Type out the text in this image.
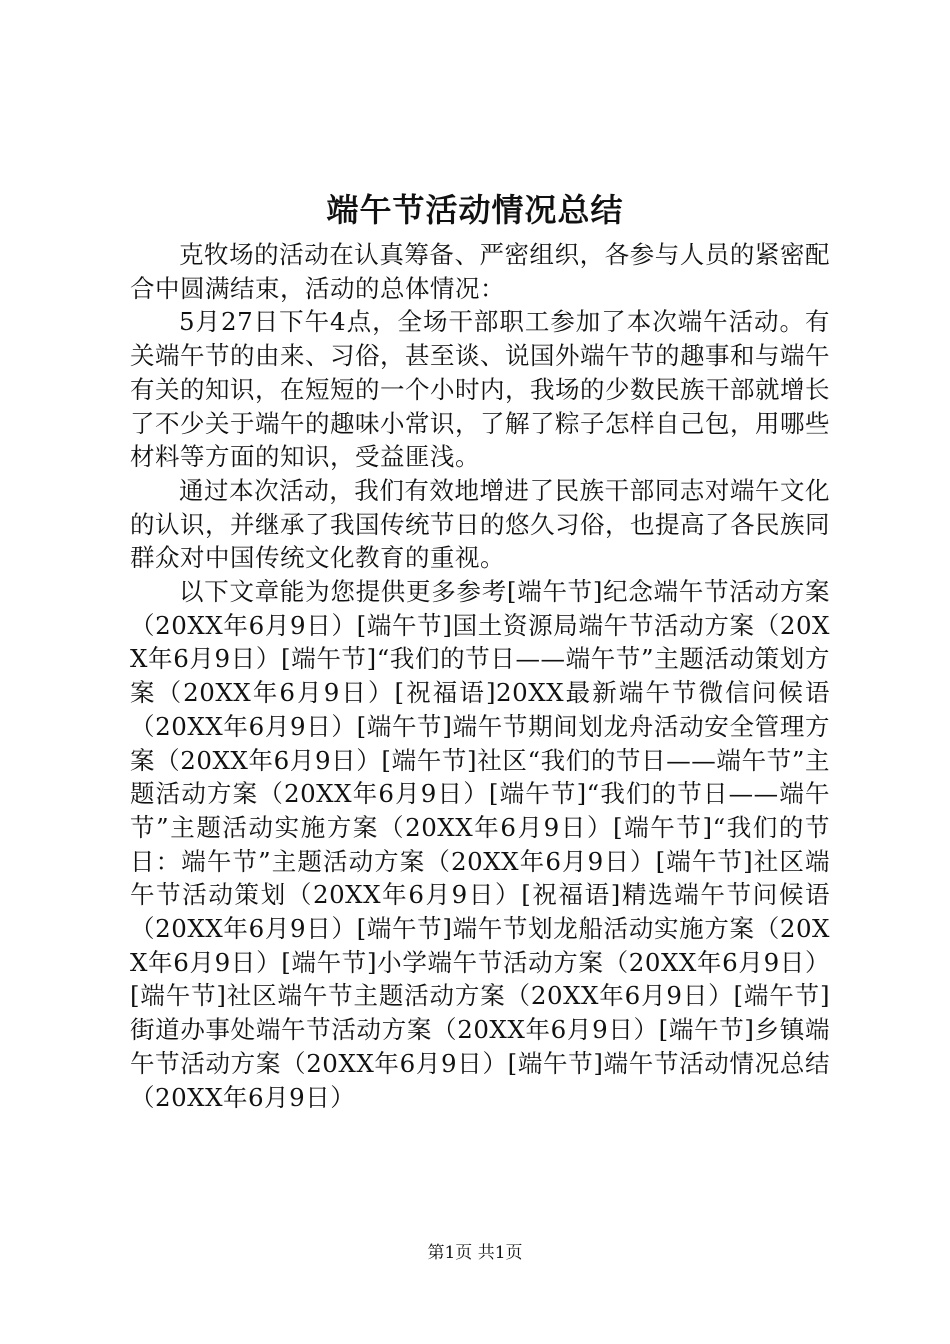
端午节活动情况总结

克牧场的活动在认真筹备、严密组织，各参与人员的紧密配合中圆满结束，活动的总体情况：

5月27日下午4点，全场干部职工参加了本次端午活动。有关端午节的由来、习俗，甚至谈、说国外端午节的趣事和与端午有关的知识，在短短的一个小时内，我场的少数民族干部就增长了不少关于端午的趣味小常识，了解了粽子怎样自己包，用哪些材料等方面的知识，受益匪浅。

通过本次活动，我们有效地增进了民族干部同志对端午文化的认识，并继承了我国传统节日的悠久习俗，也提高了各民族同群众对中国传统文化教育的重视。

以下文章能为您提供更多参考[端午节]纪念端午节活动方案（20XX年6月9日）[端午节]国土资源局端午节活动方案（20XX年6月9日）[端午节]“我们的节日——端午节”主题活动策划方案（20XX年6月9日）[祝福语]20XX最新端午节微信问候语（20XX年6月9日）[端午节]端午节期间划龙舟活动安全管理方案（20XX年6月9日）[端午节]社区“我们的节日——端午节”主题活动方案（20XX年6月9日）[端午节]“我们的节日——端午节”主题活动实施方案（20XX年6月9日）[端午节]“我们的节日：端午节”主题活动方案（20XX年6月9日）[端午节]社区端午节活动策划（20XX年6月9日）[祝福语]精选端午节问候语（20XX年6月9日）[端午节]端午节划龙船活动实施方案（20XX年6月9日）[端午节]小学端午节活动方案（20XX年6月9日）[端午节]社区端午节主题活动方案（20XX年6月9日）[端午节]街道办事处端午节活动方案（20XX年6月9日）[端午节]乡镇端午节活动方案（20XX年6月9日）[端午节]端午节活动情况总结（20XX年6月9日）

第1页 共1页
